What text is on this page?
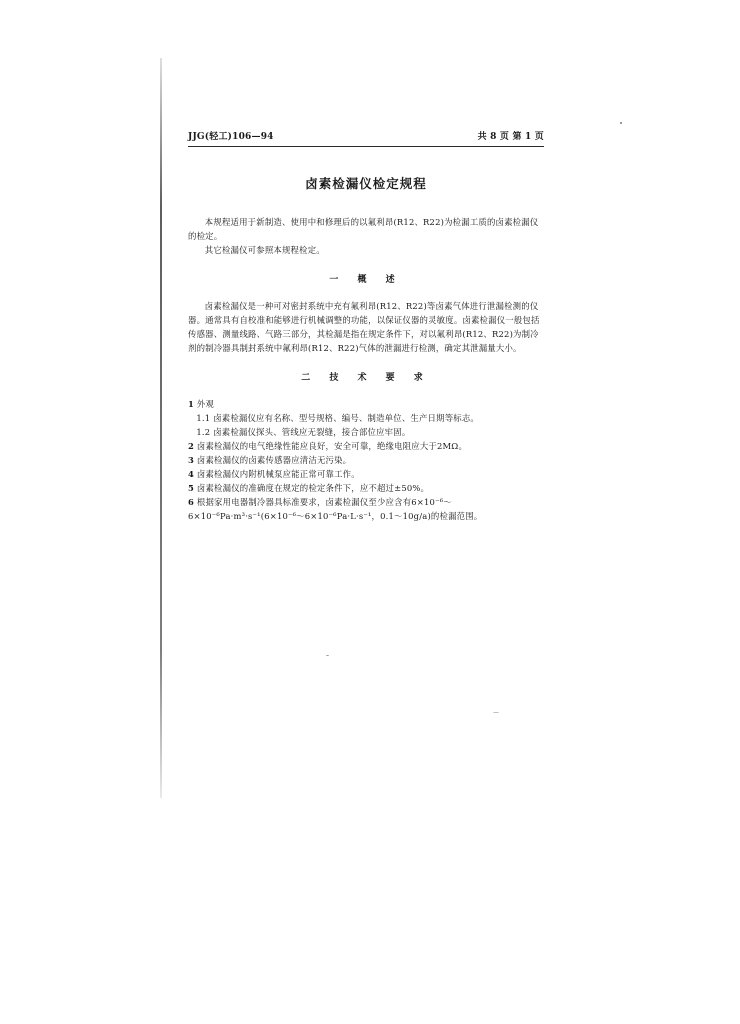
JJG(轻工)106—94	共 8 页 第 1 页
卤素检漏仪检定规程

本规程适用于新制造、使用中和修理后的以氟利昂(R12、R22)为检漏工质的卤素检漏仪的检定。

其它检漏仪可参照本规程检定。

一 概 述

卤素检漏仪是一种可对密封系统中充有氟利昂(R12、R22)等卤素气体进行泄漏检测的仪器。通常具有自校准和能够进行机械调整的功能，以保证仪器的灵敏度。卤素检漏仪一般包括传感器、测量线路、气路三部分，其检漏是指在规定条件下，对以氟利昂(R12、R22)为制冷剂的制冷器具制封系统中氟利昂(R12、R22)气体的泄漏进行检测，确定其泄漏量大小。

二 技 术 要 求
1 外观
1.1 卤素检漏仪应有名称、型号规格、编号、制造单位、生产日期等标志。
1.2 卤素检漏仪探头、管线应无裂缝，接合部位应牢固。
2 卤素检漏仪的电气绝缘性能应良好，安全可靠，绝缘电阻应大于2MΩ。
3 卤素检漏仪的卤素传感器应清洁无污染。
4 卤素检漏仪内附机械泵应能正常可靠工作。
5 卤素检漏仪的准确度在规定的检定条件下，应不超过±50%。
6 根据家用电器制冷器具标准要求，卤素检漏仪至少应含有6×10⁻⁶～6×10⁻⁶Pa·m³·s⁻¹(6×10⁻⁶～6×10⁻⁶Pa·L·s⁻¹，0.1～10g/a)的检漏范围。
